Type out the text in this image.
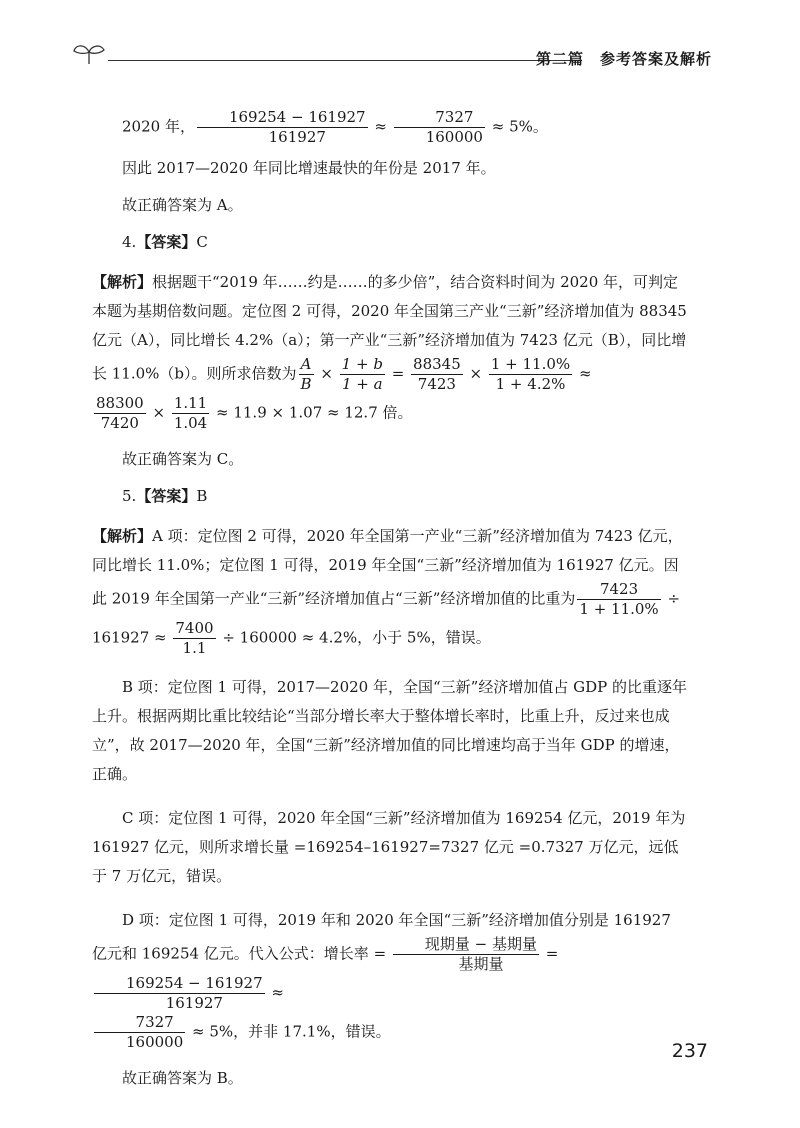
第二篇　参考答案及解析

2020 年， $\frac{169254 - 161927}{161927} \approx \frac{7327}{160000} \approx 5\%$。

因此 2017—2020 年同比增速最快的年份是 2017 年。

故正确答案为 A。

4.【答案】C

【解析】根据题干“2019 年……约是……的多少倍”，结合资料时间为 2020 年，可判定本题为基期倍数问题。定位图 2 可得，2020 年全国第三产业“三新”经济增加值为 88345 亿元（A），同比增长 4.2%（a）；第一产业“三新”经济增加值为 7423 亿元（B），同比增长 11.0%（b）。则所求倍数为 $\frac{A}{B} \times \frac{1 + b}{1 + a} = \frac{88345}{7423} \times \frac{1 + 11.0\%}{1 + 4.2\%}$ ≈

$\frac{88300}{7420} \times \frac{1.11}{1.04} \approx 11.9 \times 1.07 \approx 12.7$ 倍。

故正确答案为 C。

5.【答案】B

【解析】A 项：定位图 2 可得，2020 年全国第一产业“三新”经济增加值为 7423 亿元，同比增长 11.0%；定位图 1 可得，2019 年全国“三新”经济增加值为 161927 亿元。因此 2019 年全国第一产业“三新”经济增加值占“三新”经济增加值的比重为 $\frac{7423}{1 + 11.0\%} \div 161927 \approx \frac{7400}{1.1} \div 160000 \approx 4.2\%$，小于 5%，错误。

B 项：定位图 1 可得，2017—2020 年，全国“三新”经济增加值占 GDP 的比重逐年上升。根据两期比重比较结论“当部分增长率大于整体增长率时，比重上升，反过来也成立”，故 2017—2020 年，全国“三新”经济增加值的同比增速均高于当年 GDP 的增速，正确。

C 项：定位图 1 可得，2020 年全国“三新”经济增加值为 169254 亿元，2019 年为 161927 亿元，则所求增长量 =169254–161927=7327 亿元 =0.7327 万亿元，远低于 7 万亿元，错误。

D 项：定位图 1 可得，2019 年和 2020 年全国“三新”经济增加值分别是 161927 亿元和 169254 亿元。代入公式：增长率 = $\frac{\text{现期量 − 基期量}}{\text{基期量}}$ =
$\frac{169254 - 161927}{161927}$ ≈

$\frac{7327}{160000} \approx 5\%$，并非 17.1%，错误。

故正确答案为 B。

237
